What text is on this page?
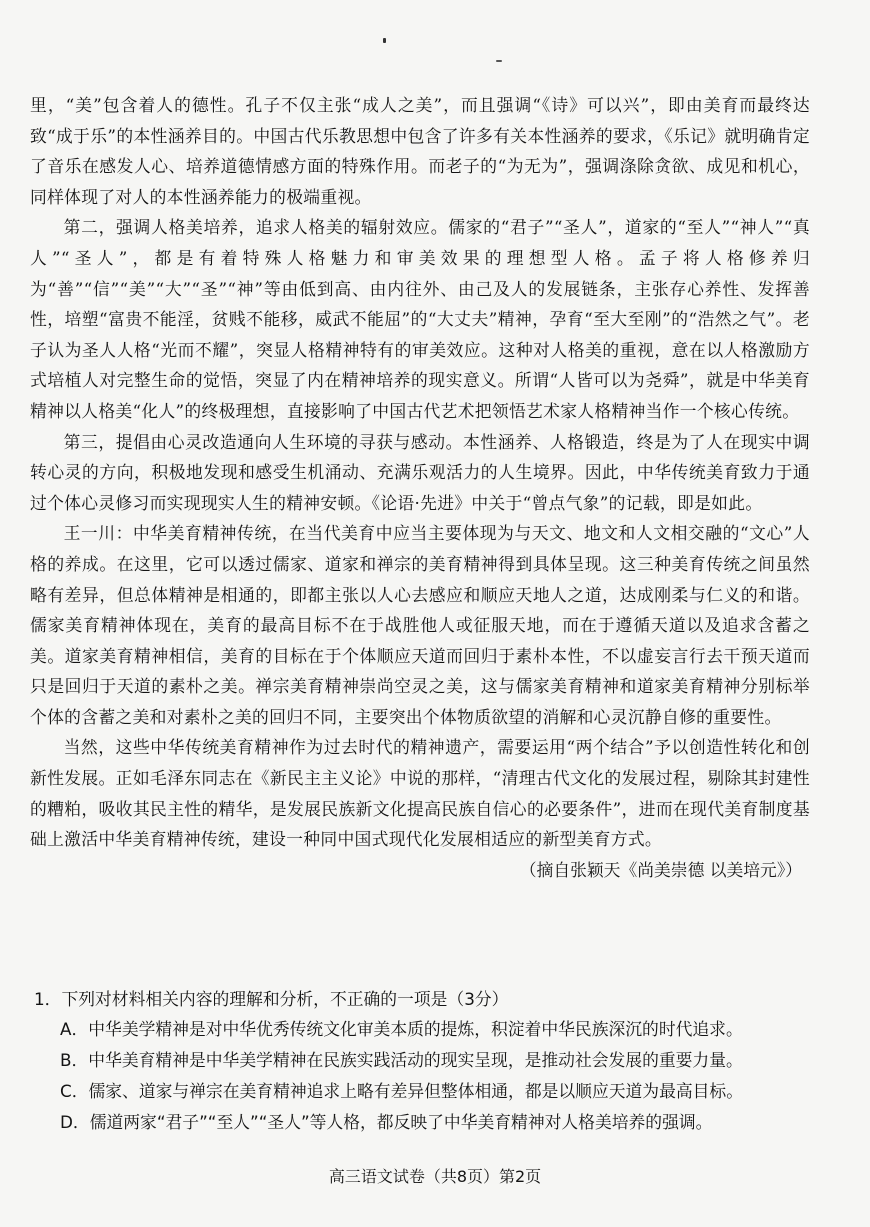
里，“美”包含着人的德性。孔子不仅主张“成人之美”，而且强调“《诗》可以兴”，即由美育而最终达致“成于乐”的本性涵养目的。中国古代乐教思想中包含了许多有关本性涵养的要求，《乐记》就明确肯定了音乐在感发人心、培养道德情感方面的特殊作用。而老子的“为无为”，强调涤除贪欲、成见和机心，同样体现了对人的本性涵养能力的极端重视。

第二，强调人格美培养，追求人格美的辐射效应。儒家的“君子”“圣人”，道家的“至人”“神人”“真人”“圣人”，都是有着特殊人格魅力和审美效果的理想型人格。孟子将人格修养归为“善”“信”“美”“大”“圣”“神”等由低到高、由内往外、由己及人的发展链条，主张存心养性、发挥善性，培塑“富贵不能淫，贫贱不能移，威武不能屈”的“大丈夫”精神，孕育“至大至刚”的“浩然之气”。老子认为圣人人格“光而不耀”，突显人格精神特有的审美效应。这种对人格美的重视，意在以人格激励方式培植人对完整生命的觉悟，突显了内在精神培养的现实意义。所谓“人皆可以为尧舜”，就是中华美育精神以人格美“化人”的终极理想，直接影响了中国古代艺术把领悟艺术家人格精神当作一个核心传统。

第三，提倡由心灵改造通向人生环境的寻获与感动。本性涵养、人格锻造，终是为了人在现实中调转心灵的方向，积极地发现和感受生机涌动、充满乐观活力的人生境界。因此，中华传统美育致力于通过个体心灵修习而实现现实人生的精神安顿。《论语·先进》中关于“曾点气象”的记载，即是如此。

王一川：中华美育精神传统，在当代美育中应当主要体现为与天文、地文和人文相交融的“文心”人格的养成。在这里，它可以透过儒家、道家和禅宗的美育精神得到具体呈现。这三种美育传统之间虽然略有差异，但总体精神是相通的，即都主张以人心去感应和顺应天地人之道，达成刚柔与仁义的和谐。儒家美育精神体现在，美育的最高目标不在于战胜他人或征服天地，而在于遵循天道以及追求含蓄之美。道家美育精神相信，美育的目标在于个体顺应天道而回归于素朴本性，不以虚妄言行去干预天道而只是回归于天道的素朴之美。禅宗美育精神崇尚空灵之美，这与儒家美育精神和道家美育精神分别标举个体的含蓄之美和对素朴之美的回归不同，主要突出个体物质欲望的消解和心灵沉静自修的重要性。

当然，这些中华传统美育精神作为过去时代的精神遗产，需要运用“两个结合”予以创造性转化和创新性发展。正如毛泽东同志在《新民主主义论》中说的那样，“清理古代文化的发展过程，剔除其封建性的糟粕，吸收其民主性的精华，是发展民族新文化提高民族自信心的必要条件”，进而在现代美育制度基础上激活中华美育精神传统，建设一种同中国式现代化发展相适应的新型美育方式。

（摘自张颖天《尚美崇德 以美培元》）

1．下列对材料相关内容的理解和分析，不正确的一项是（3分）

A．中华美学精神是对中华优秀传统文化审美本质的提炼，积淀着中华民族深沉的时代追求。

B．中华美育精神是中华美学精神在民族实践活动的现实呈现，是推动社会发展的重要力量。

C．儒家、道家与禅宗在美育精神追求上略有差异但整体相通，都是以顺应天道为最高目标。

D．儒道两家“君子”“至人”“圣人”等人格，都反映了中华美育精神对人格美培养的强调。

高三语文试卷（共8页）第2页
